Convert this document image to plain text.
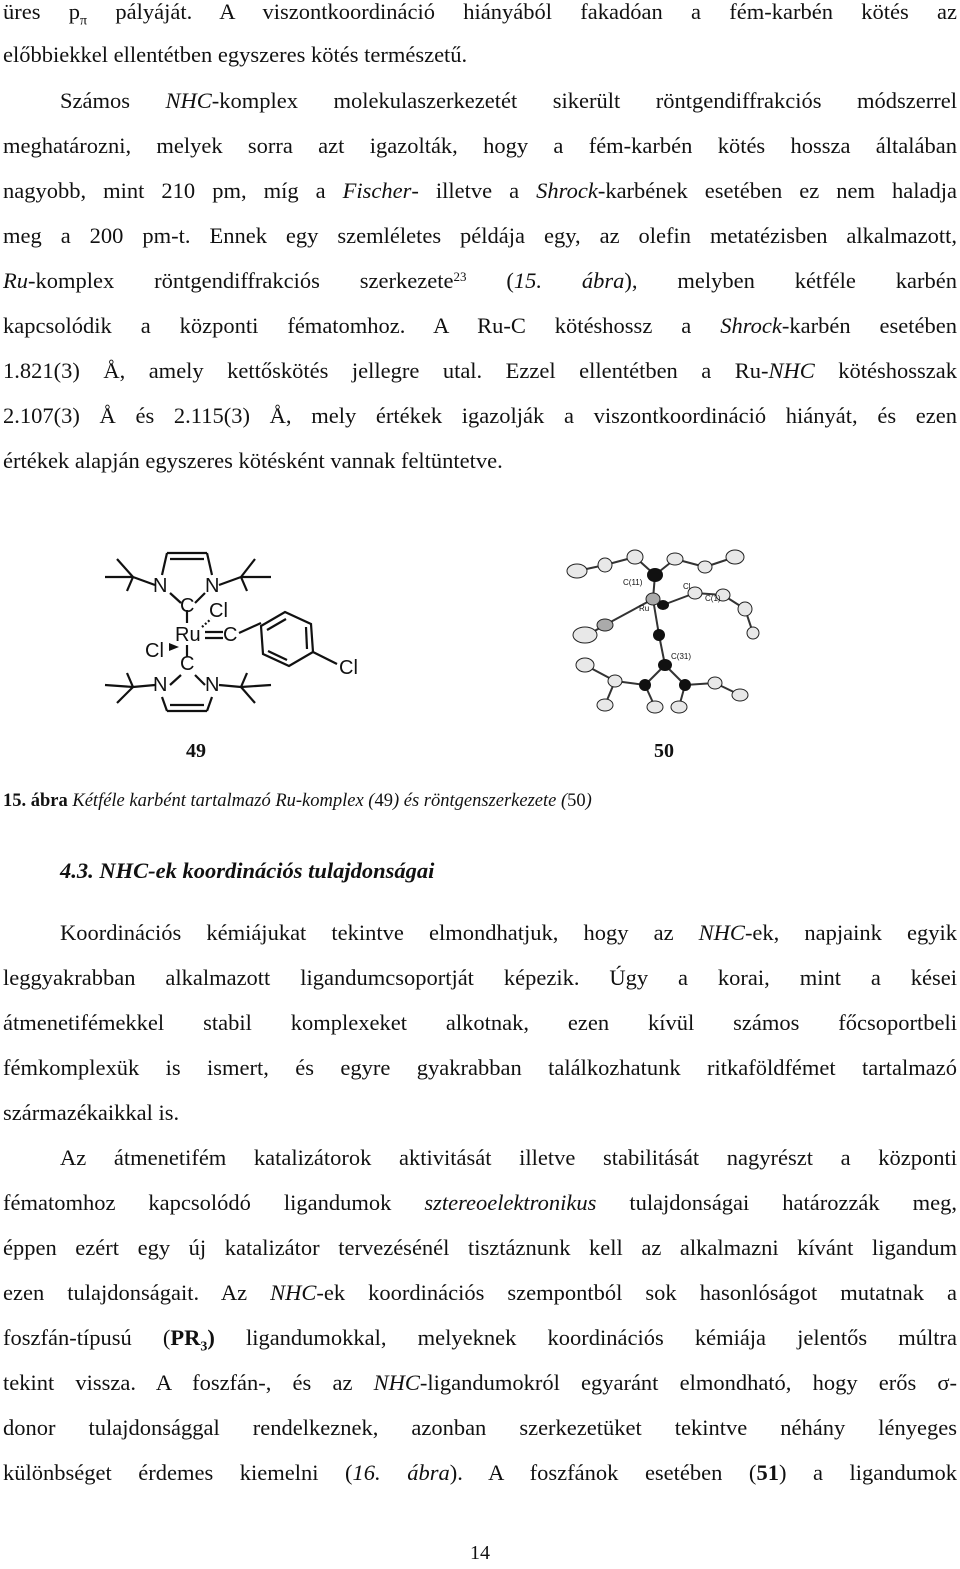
üres $p_\pi$ pályáját. A viszontkoordináció hiányából fakadóan a fém-karbén kötés az
előbbiekkel ellentétben egyszeres kötés természetű.
Számos NHC-komplex molekulaszerkezetét sikerült röntgendiffrakciós módszerrel
meghatározni, melyek sorra azt igazolták, hogy a fém-karbén kötés hossza általában
nagyobb, mint 210 pm, míg a Fischer- illetve a Shrock-karbének esetében ez nem haladja
meg a 200 pm-t. Ennek egy szemléletes példája egy, az olefin metatézisben alkalmazott,
Ru-komplex röntgendiffrakciós szerkezete$^{23}$ (15. ábra), melyben kétféle karbén
kapcsolódik a központi fématomhoz. A Ru-C kötéshossz a Shrock-karbén esetében
1.821(3) Å, amely kettőskötés jellegre utal. Ezzel ellentétben a Ru-NHC kötéshosszak
2.107(3) Å és 2.115(3) Å, mely értékek igazolják a viszontkoordináció hiányát, és ezen
értékek alapján egyszeres kötésként vannak feltüntetve.
N N
C Cl
Ru C
Cl
C
N N
Cl
C(11)	Cl
C(1)
Ru
C(31)
49	50
15. ábra Kétféle karbént tartalmazó Ru-komplex (49) és röntgenszerkezete (50)
4.3. NHC-ek koordinációs tulajdonságai
Koordinációs kémiájukat tekintve elmondhatjuk, hogy az NHC-ek, napjaink egyik
leggyakrabban alkalmazott ligandumcsoportját képezik. Úgy a korai, mint a kései
átmenetifémekkel stabil komplexeket alkotnak, ezen kívül számos főcsoportbeli
fémkomplexük is ismert, és egyre gyakrabban találkozhatunk ritkaföldfémet tartalmazó
származékaikkal is.
Az átmenetifém katalizátorok aktivitását illetve stabilitását nagyrészt a központi
fématomhoz kapcsolódó ligandumok sztereoelektronikus tulajdonságai határozzák meg,
éppen ezért egy új katalizátor tervezésénél tisztáznunk kell az alkalmazni kívánt ligandum
ezen tulajdonságait. Az NHC-ek koordinációs szempontból sok hasonlóságot mutatnak a
foszfán-típusú $(PR_3)$ ligandumokkal, melyeknek koordinációs kémiája jelentős múltra
tekint vissza. A foszfán-, és az NHC-ligandumokról egyaránt elmondható, hogy erős σ-
donor tulajdonsággal rendelkeznek, azonban szerkezetüket tekintve néhány lényeges
különbséget érdemes kiemelni (16. ábra). A foszfánok esetében (51) a ligandumok
14
